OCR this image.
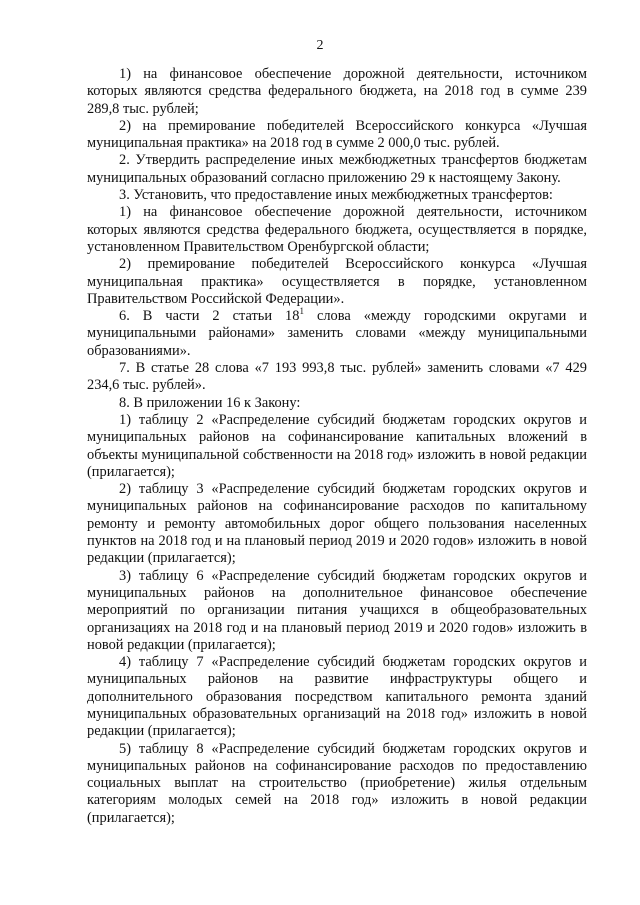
2

1) на финансовое обеспечение дорожной деятельности, источником которых являются средства федерального бюджета, на 2018 год в сумме 239 289,8 тыс. рублей;

2) на премирование победителей Всероссийского конкурса «Лучшая муниципальная практика» на 2018 год в сумме 2 000,0 тыс. рублей.

2. Утвердить распределение иных межбюджетных трансфертов бюджетам муниципальных образований согласно приложению 29 к настоящему Закону.

3. Установить, что предоставление иных межбюджетных трансфертов:

1) на финансовое обеспечение дорожной деятельности, источником которых являются средства федерального бюджета, осуществляется в порядке, установленном Правительством Оренбургской области;

2) премирование победителей Всероссийского конкурса «Лучшая муниципальная практика» осуществляется в порядке, установленном Правительством Российской Федерации».

6. В части 2 статьи $18^1$ слова «между городскими округами и муниципальными районами» заменить словами «между муниципальными образованиями».

7. В статье 28 слова «7 193 993,8 тыс. рублей» заменить словами «7 429 234,6 тыс. рублей».

8. В приложении 16 к Закону:

1) таблицу 2 «Распределение субсидий бюджетам городских округов и муниципальных районов на софинансирование капитальных вложений в объекты муниципальной собственности на 2018 год» изложить в новой редакции (прилагается);

2) таблицу 3 «Распределение субсидий бюджетам городских округов и муниципальных районов на софинансирование расходов по капитальному ремонту и ремонту автомобильных дорог общего пользования населенных пунктов на 2018 год и на плановый период 2019 и 2020 годов» изложить в новой редакции (прилагается);

3) таблицу 6 «Распределение субсидий бюджетам городских округов и муниципальных районов на дополнительное финансовое обеспечение мероприятий по организации питания учащихся в общеобразовательных организациях на 2018 год и на плановый период 2019 и 2020 годов» изложить в новой редакции (прилагается);

4) таблицу 7 «Распределение субсидий бюджетам городских округов и муниципальных районов на развитие инфраструктуры общего и дополнительного образования посредством капитального ремонта зданий муниципальных образовательных организаций на 2018 год» изложить в новой редакции (прилагается);

5) таблицу 8 «Распределение субсидий бюджетам городских округов и муниципальных районов на софинансирование расходов по предоставлению социальных выплат на строительство (приобретение) жилья отдельным категориям молодых семей на 2018 год» изложить в новой редакции (прилагается);
